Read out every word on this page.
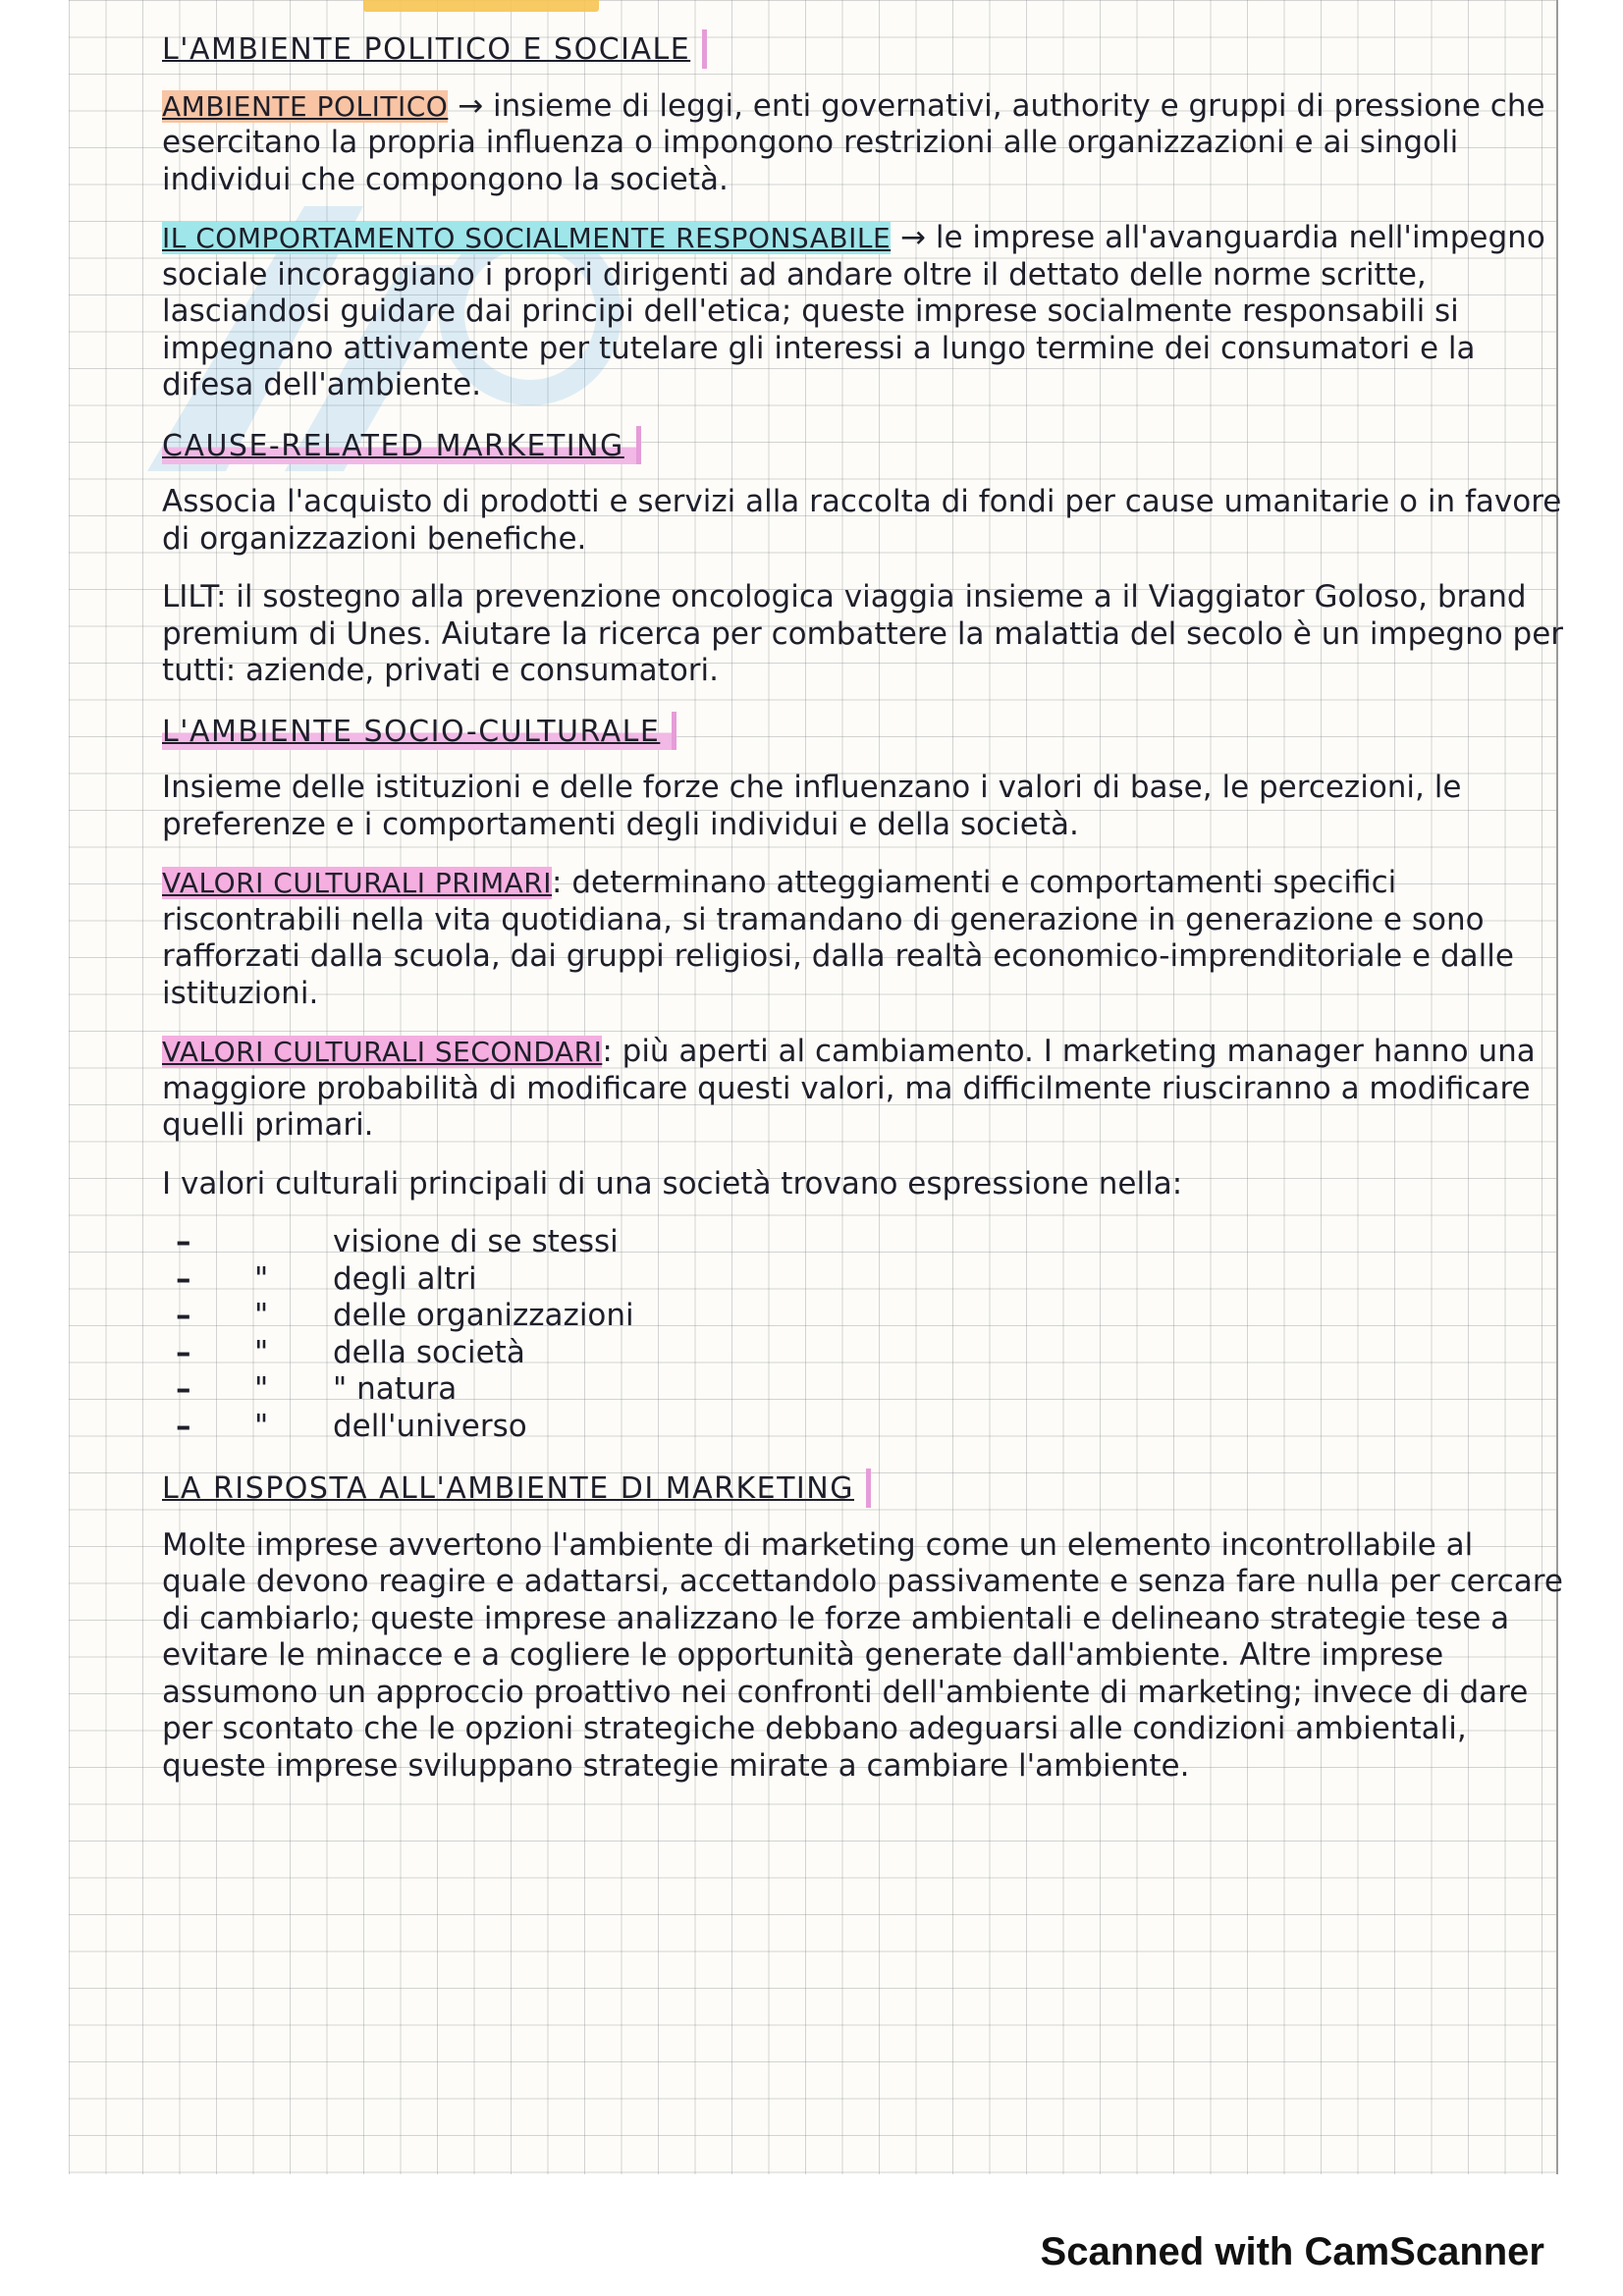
L'AMBIENTE POLITICO E SOCIALE

AMBIENTE POLITICO → insieme di leggi, enti governativi, authority e gruppi di pressione che esercitano la propria influenza o impongono restrizioni alle organizzazioni e ai singoli individui che compongono la società.

IL COMPORTAMENTO SOCIALMENTE RESPONSABILE → le imprese all'avanguardia nell'impegno sociale incoraggiano i propri dirigenti ad andare oltre il dettato delle norme scritte, lasciandosi guidare dai principi dell'etica; queste imprese socialmente responsabili si impegnano attivamente per tutelare gli interessi a lungo termine dei consumatori e la difesa dell'ambiente.

CAUSE-RELATED MARKETING

Associa l'acquisto di prodotti e servizi alla raccolta di fondi per cause umanitarie o in favore di organizzazioni benefiche.

LILT: il sostegno alla prevenzione oncologica viaggia insieme a il Viaggiator Goloso, brand premium di Unes. Aiutare la ricerca per combattere la malattia del secolo è un impegno per tutti: aziende, privati e consumatori.

L'AMBIENTE SOCIO-CULTURALE

Insieme delle istituzioni e delle forze che influenzano i valori di base, le percezioni, le preferenze e i comportamenti degli individui e della società.

VALORI CULTURALI PRIMARI: determinano atteggiamenti e comportamenti specifici riscontrabili nella vita quotidiana, si tramandano di generazione in generazione e sono rafforzati dalla scuola, dai gruppi religiosi, dalla realtà economico-imprenditoriale e dalle istituzioni.

VALORI CULTURALI SECONDARI: più aperti al cambiamento. I marketing manager hanno una maggiore probabilità di modificare questi valori, ma difficilmente riusciranno a modificare quelli primari.

I valori culturali principali di una società trovano espressione nella:

–	visione di se stessi
–	"	degli altri
–	"	delle organizzazioni
–	"	della società
–	"	" natura
–	"	dell'universo
LA RISPOSTA ALL'AMBIENTE DI MARKETING

Molte imprese avvertono l'ambiente di marketing come un elemento incontrollabile al quale devono reagire e adattarsi, accettandolo passivamente e senza fare nulla per cercare di cambiarlo; queste imprese analizzano le forze ambientali e delineano strategie tese a evitare le minacce e a cogliere le opportunità generate dall'ambiente. Altre imprese assumono un approccio proattivo nei confronti dell'ambiente di marketing; invece di dare per scontato che le opzioni strategiche debbano adeguarsi alle condizioni ambientali, queste imprese sviluppano strategie mirate a cambiare l'ambiente.

Scanned with CamScanner
